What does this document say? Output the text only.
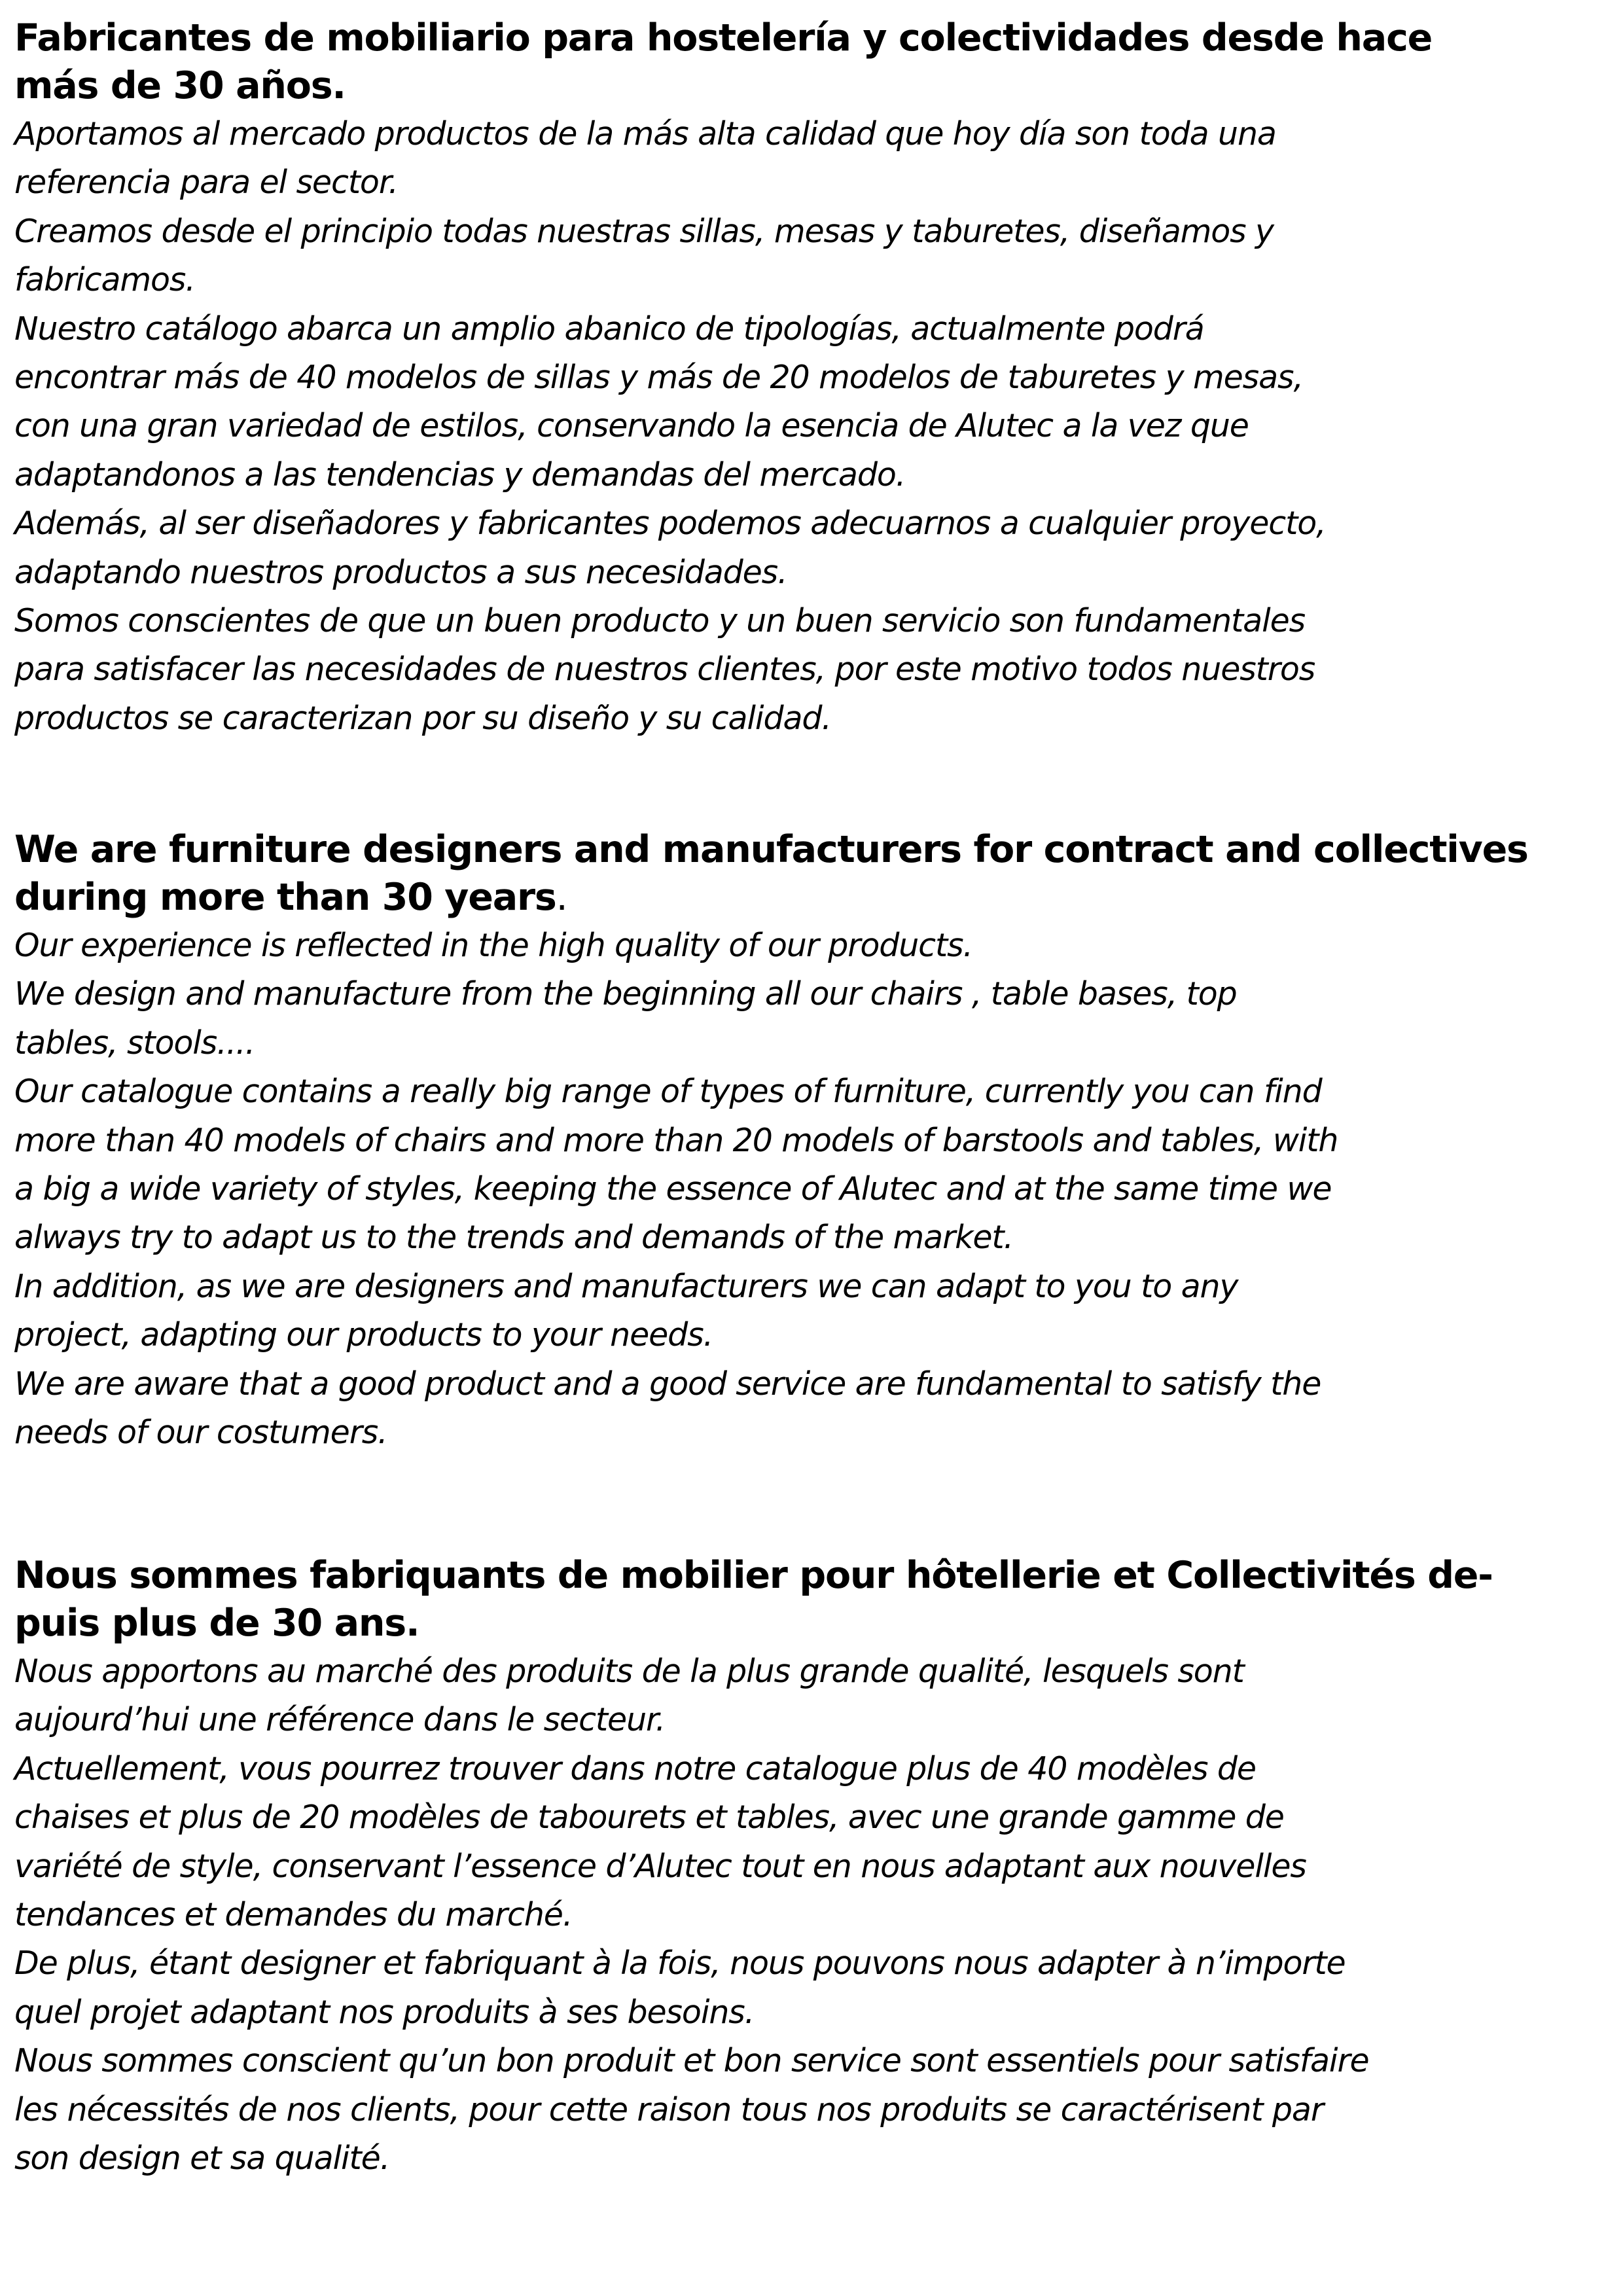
Fabricantes de mobiliario para hostelería y colectividades desde hace
más de 30 años.

Aportamos al mercado productos de la más alta calidad que hoy día son toda una
referencia para el sector.
Creamos desde el principio todas nuestras sillas, mesas y taburetes, diseñamos y
fabricamos.
Nuestro catálogo abarca un amplio abanico de tipologías, actualmente podrá
encontrar más de 40 modelos de sillas y más de 20 modelos de taburetes y mesas,
con una gran variedad de estilos, conservando la esencia de Alutec a la vez que
adaptandonos a las tendencias y demandas del mercado.
Además, al ser diseñadores y fabricantes podemos adecuarnos a cualquier proyecto,
adaptando nuestros productos a sus necesidades.
Somos conscientes de que un buen producto y un buen servicio son fundamentales
para satisfacer las necesidades de nuestros clientes, por este motivo todos nuestros
productos se caracterizan por su diseño y su calidad.

We are furniture designers and manufacturers for contract and collectives
during more than 30 years.

Our experience is reflected in the high quality of our products.
We design and manufacture from the beginning all our chairs , table bases, top
tables, stools....
Our catalogue contains a really big range of types of furniture, currently you can find
more than 40 models of chairs and more than 20 models of barstools and tables, with
a big a wide variety of styles, keeping the essence of Alutec and at the same time we
always try to adapt us to the trends and demands of the market.
In addition, as we are designers and manufacturers we can adapt to you to any
project, adapting our products to your needs.
We are aware that a good product and a good service are fundamental to satisfy the
needs of our costumers.

Nous sommes fabriquants de mobilier pour hôtellerie et Collectivités de-
puis plus de 30 ans.

Nous apportons au marché des produits de la plus grande qualité, lesquels sont
aujourd’hui une référence dans le secteur.
Actuellement, vous pourrez trouver dans notre catalogue plus de 40 modèles de
chaises et plus de 20 modèles de tabourets et tables, avec une grande gamme de
variété de style, conservant l’essence d’Alutec tout en nous adaptant aux nouvelles
tendances et demandes du marché.
De plus, étant designer et fabriquant à la fois, nous pouvons nous adapter à n’importe
quel projet adaptant nos produits à ses besoins.
Nous sommes conscient qu’un bon produit et bon service sont essentiels pour satisfaire
les nécessités de nos clients, pour cette raison tous nos produits se caractérisent par
son design et sa qualité.
